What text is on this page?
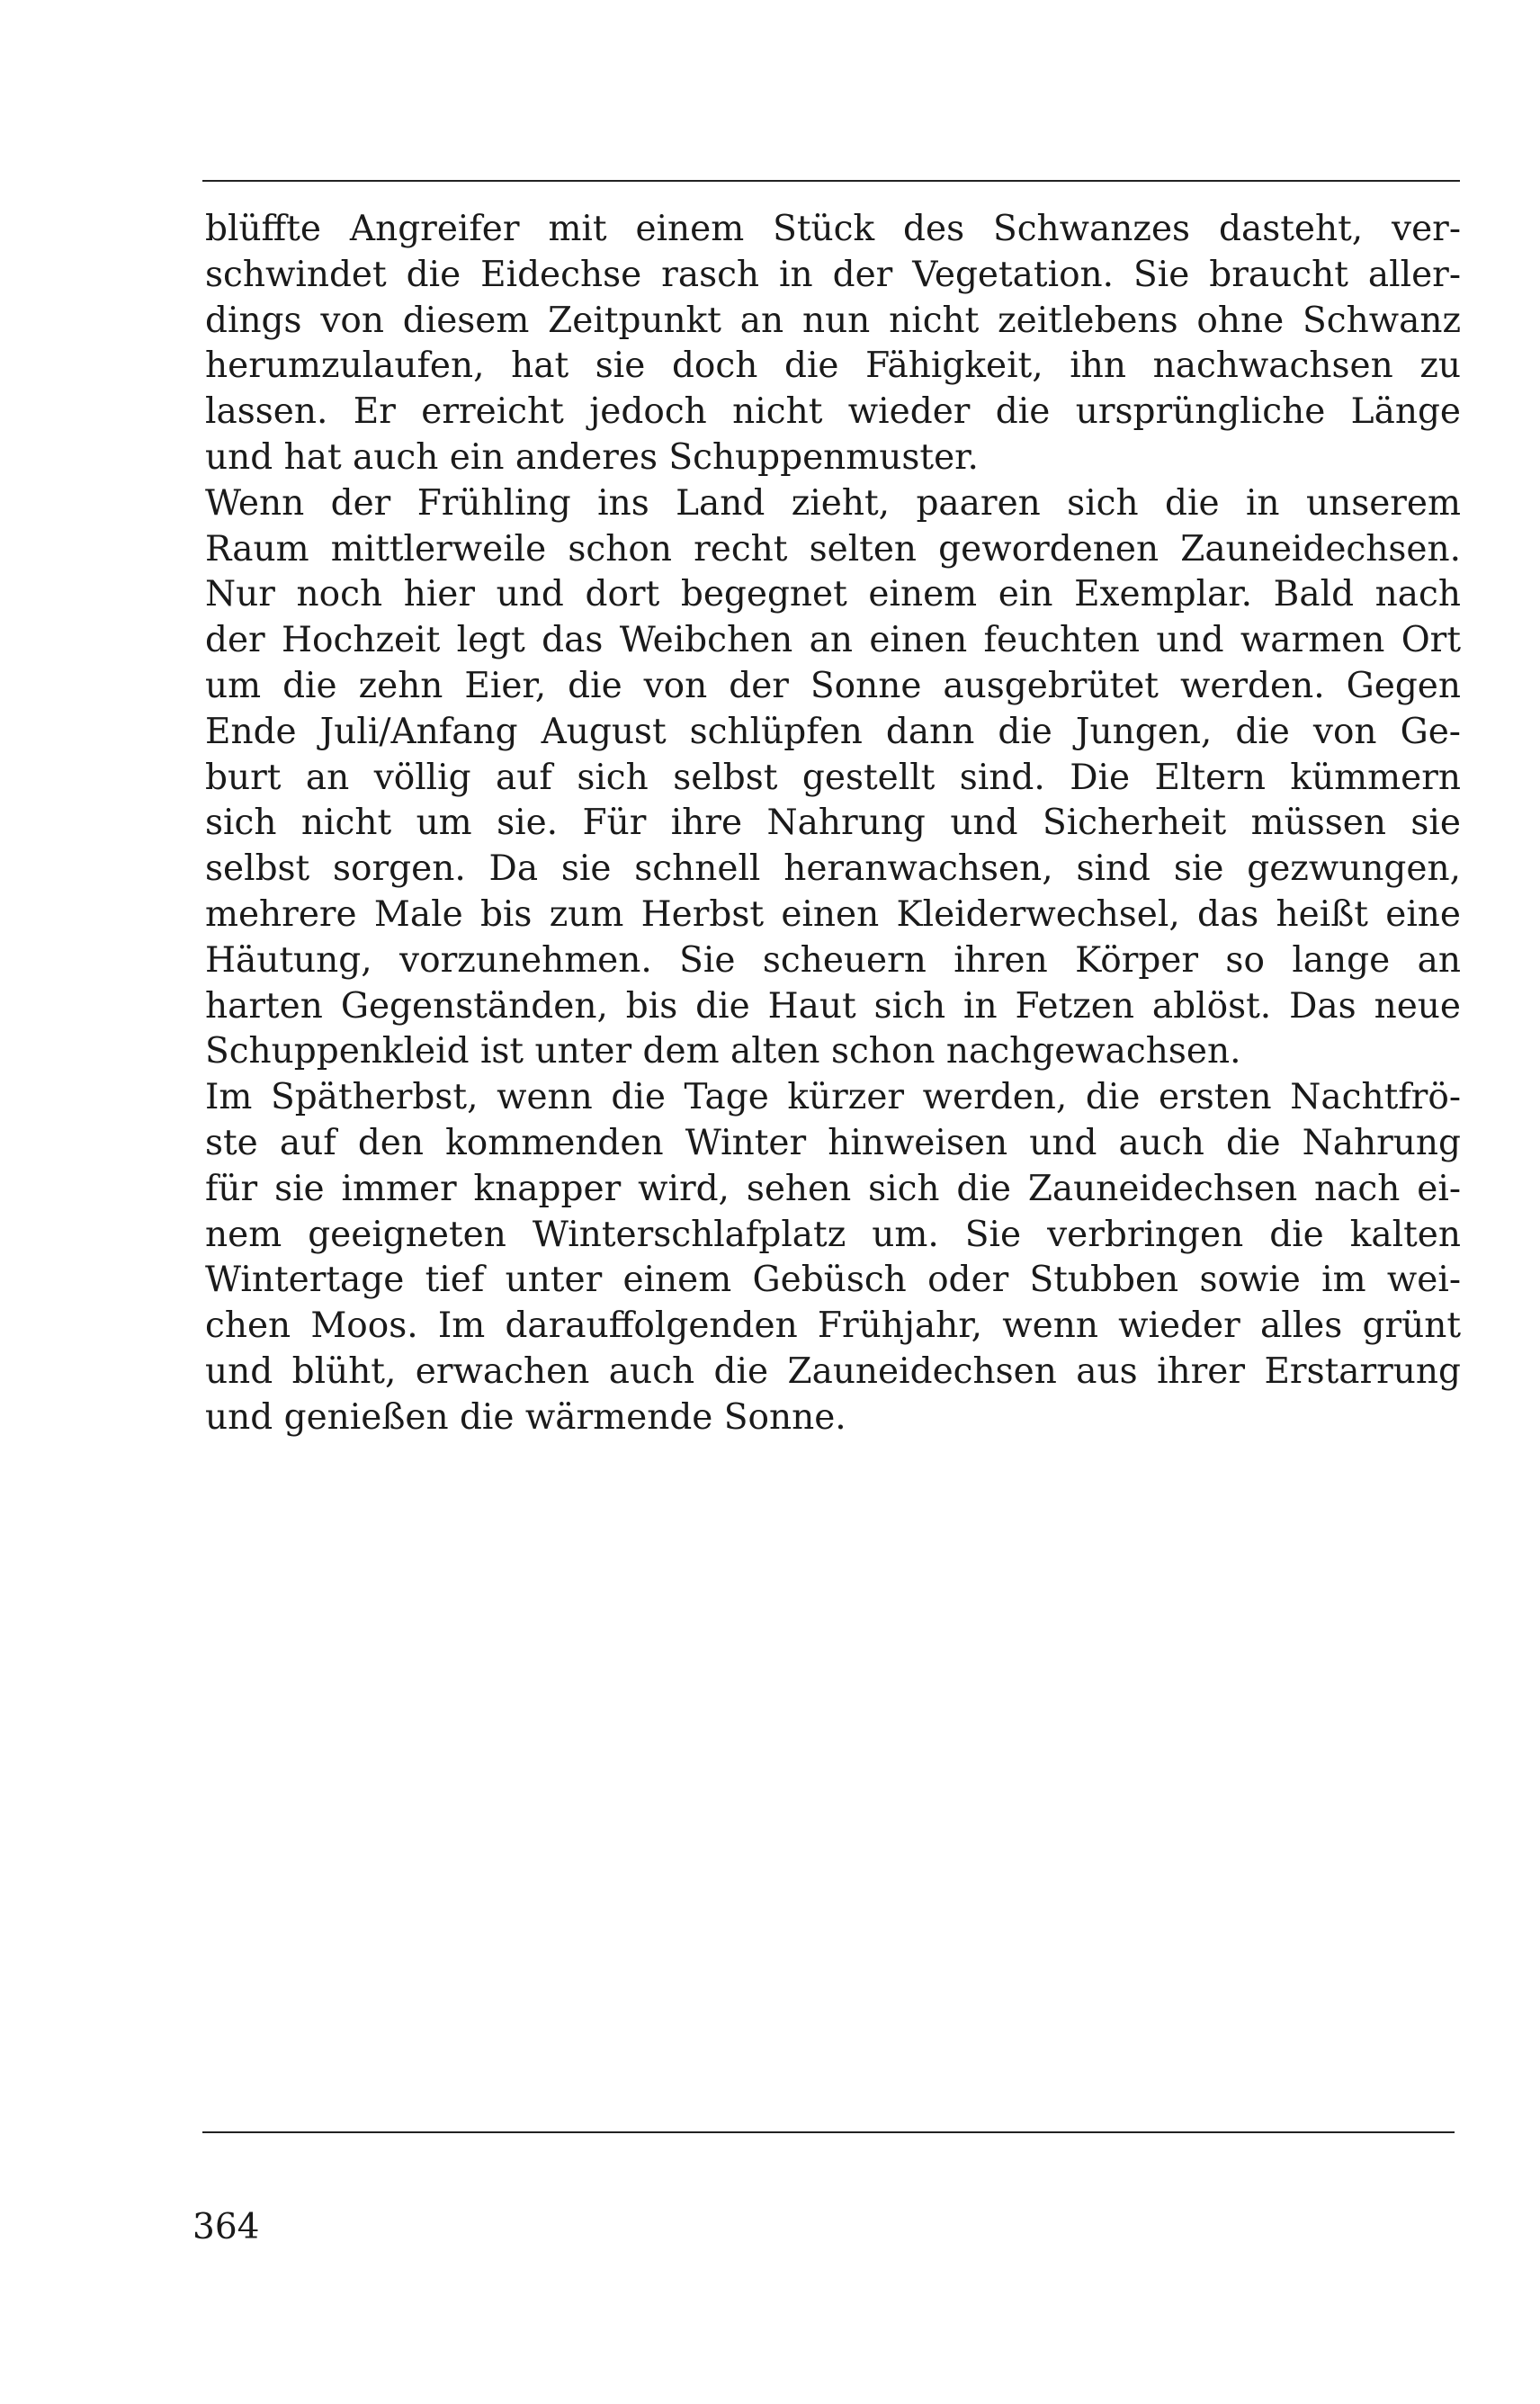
blüffte Angreifer mit einem Stück des Schwanzes dasteht, ver-
schwindet die Eidechse rasch in der Vegetation. Sie braucht aller-
dings von diesem Zeitpunkt an nun nicht zeitlebens ohne Schwanz
herumzulaufen, hat sie doch die Fähigkeit, ihn nachwachsen zu
lassen. Er erreicht jedoch nicht wieder die ursprüngliche Länge
und hat auch ein anderes Schuppenmuster.
Wenn der Frühling ins Land zieht, paaren sich die in unserem
Raum mittlerweile schon recht selten gewordenen Zauneidechsen.
Nur noch hier und dort begegnet einem ein Exemplar. Bald nach
der Hochzeit legt das Weibchen an einen feuchten und warmen Ort
um die zehn Eier, die von der Sonne ausgebrütet werden. Gegen
Ende Juli/Anfang August schlüpfen dann die Jungen, die von Ge-
burt an völlig auf sich selbst gestellt sind. Die Eltern kümmern
sich nicht um sie. Für ihre Nahrung und Sicherheit müssen sie
selbst sorgen. Da sie schnell heranwachsen, sind sie gezwungen,
mehrere Male bis zum Herbst einen Kleiderwechsel, das heißt eine
Häutung, vorzunehmen. Sie scheuern ihren Körper so lange an
harten Gegenständen, bis die Haut sich in Fetzen ablöst. Das neue
Schuppenkleid ist unter dem alten schon nachgewachsen.
Im Spätherbst, wenn die Tage kürzer werden, die ersten Nachtfrö-
ste auf den kommenden Winter hinweisen und auch die Nahrung
für sie immer knapper wird, sehen sich die Zauneidechsen nach ei-
nem geeigneten Winterschlafplatz um. Sie verbringen die kalten
Wintertage tief unter einem Gebüsch oder Stubben sowie im wei-
chen Moos. Im darauffolgenden Frühjahr, wenn wieder alles grünt
und blüht, erwachen auch die Zauneidechsen aus ihrer Erstarrung
und genießen die wärmende Sonne.
364
